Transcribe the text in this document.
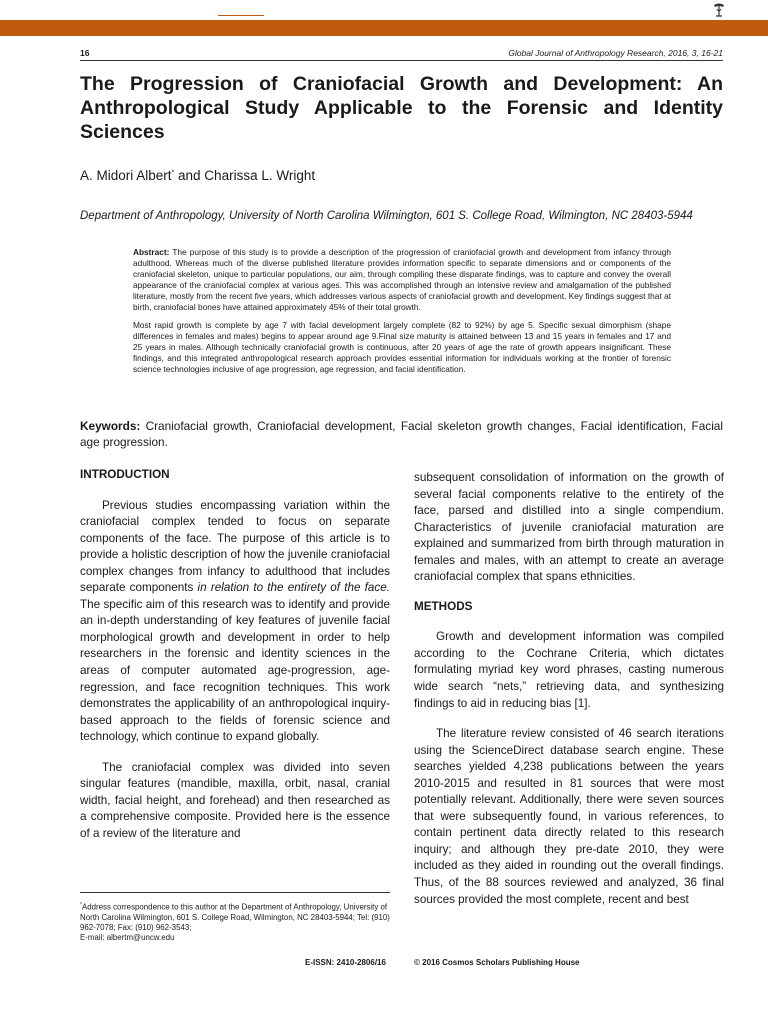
16	Global Journal of Anthropology Research, 2016, 3, 16-21
The Progression of Craniofacial Growth and Development: An Anthropological Study Applicable to the Forensic and Identity Sciences
A. Midori Albert* and Charissa L. Wright
Department of Anthropology, University of North Carolina Wilmington, 601 S. College Road, Wilmington, NC 28403-5944

Abstract: The purpose of this study is to provide a description of the progression of craniofacial growth and development from infancy through adulthood. Whereas much of the diverse published literature provides information specific to separate dimensions and or components of the craniofacial skeleton, unique to particular populations, our aim, through compiling these disparate findings, was to capture and convey the overall appearance of the craniofacial complex at various ages. This was accomplished through an intensive review and amalgamation of the published literature, mostly from the recent five years, which addresses various aspects of craniofacial growth and development. Key findings suggest that at birth, craniofacial bones have attained approximately 45% of their total growth.

Most rapid growth is complete by age 7 with facial development largely complete (82 to 92%) by age 5. Specific sexual dimorphism (shape differences in females and males) begins to appear around age 9.Final size maturity is attained between 13 and 15 years in females and 17 and 25 years in males. Although technically craniofacial growth is continuous, after 20 years of age the rate of growth appears insignificant. These findings, and this integrated anthropological research approach provides essential information for individuals working at the frontier of forensic science technologies inclusive of age progression, age regression, and facial identification.

Keywords: Craniofacial growth, Craniofacial development, Facial skeleton growth changes, Facial identification, Facial age progression.
INTRODUCTION

Previous studies encompassing variation within the craniofacial complex tended to focus on separate components of the face. The purpose of this article is to provide a holistic description of how the juvenile craniofacial complex changes from infancy to adulthood that includes separate components in relation to the entirety of the face. The specific aim of this research was to identify and provide an in-depth understanding of key features of juvenile facial morphological growth and development in order to help researchers in the forensic and identity sciences in the areas of computer automated age-progression, age-regression, and face recognition techniques. This work demonstrates the applicability of an anthropological inquiry-based approach to the fields of forensic science and technology, which continue to expand globally.

The craniofacial complex was divided into seven singular features (mandible, maxilla, orbit, nasal, cranial width, facial height, and forehead) and then researched as a comprehensive composite. Provided here is the essence of a review of the literature and

subsequent consolidation of information on the growth of several facial components relative to the entirety of the face, parsed and distilled into a single compendium. Characteristics of juvenile craniofacial maturation are explained and summarized from birth through maturation in females and males, with an attempt to create an average craniofacial complex that spans ethnicities.

METHODS

Growth and development information was compiled according to the Cochrane Criteria, which dictates formulating myriad key word phrases, casting numerous wide search “nets,” retrieving data, and synthesizing findings to aid in reducing bias [1].

The literature review consisted of 46 search iterations using the ScienceDirect database search engine. These searches yielded 4,238 publications between the years 2010-2015 and resulted in 81 sources that were most potentially relevant. Additionally, there were seven sources that were subsequently found, in various references, to contain pertinent data directly related to this research inquiry; and although they pre-date 2010, they were included as they aided in rounding out the overall findings. Thus, of the 88 sources reviewed and analyzed, 36 final sources provided the most complete, recent and best

*Address correspondence to this author at the Department of Anthropology, University of North Carolina Wilmington, 601 S. College Road, Wilmington, NC 28403-5944; Tel: (910) 962-7078; Fax: (910) 962-3543;
E-mail: albertm@uncw.edu
E-ISSN: 2410-2806/16	© 2016 Cosmos Scholars Publishing House
